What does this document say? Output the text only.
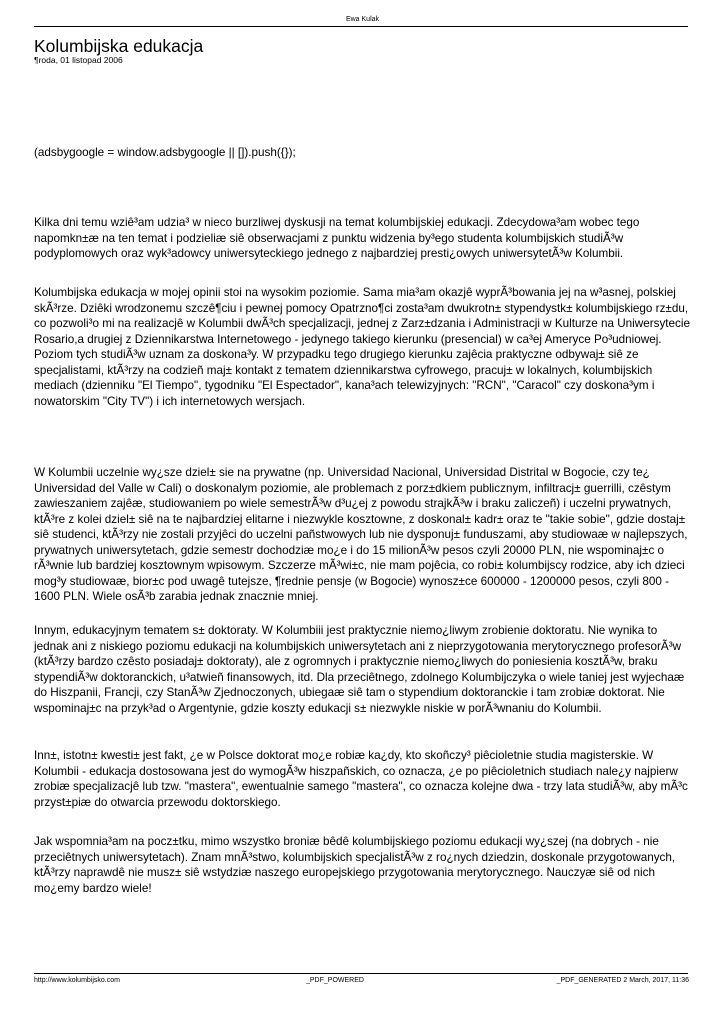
Ewa Kulak
Kolumbijska edukacja
¶roda, 01 listopad 2006

(adsbygoogle = window.adsbygoogle || []).push({});

Kilka dni temu wziê³am udzia³ w nieco burzliwej dyskusji na temat kolumbijskiej edukacji. Zdecydowa³am wobec tego napomkn±æ na ten temat i podzieliæ siê obserwacjami z punktu widzenia by³ego studenta kolumbijskich studiÃ³w podyplomowych oraz wyk³adowcy uniwersyteckiego jednego z najbardziej presti¿owych uniwersytetÃ³w Kolumbii.

Kolumbijska edukacja w mojej opinii stoi na wysokim poziomie. Sama mia³am okazjê wyprÃ³bowania jej na w³asnej, polskiej skÃ³rze. Dziêki wrodzonemu szczê¶ciu i pewnej pomocy Opatrzno¶ci zosta³am dwukrotn± stypendystk± kolumbijskiego rz±du, co pozwoli³o mi na realizacjê w Kolumbii dwÃ³ch specjalizacji, jednej z Zarz±dzania i Administracji w Kulturze na Uniwersytecie Rosario,a drugiej z Dziennikarstwa Internetowego - jedynego takiego kierunku (presencial) w ca³ej Ameryce Po³udniowej. Poziom tych studiÃ³w uznam za doskona³y. W przypadku tego drugiego kierunku zajêcia praktyczne odbywaj± siê ze specjalistami, ktÃ³rzy na codzieñ maj± kontakt z tematem dziennikarstwa cyfrowego, pracuj± w lokalnych, kolumbijskich mediach (dzienniku "El Tiempo", tygodniku "El Espectador", kana³ach telewizyjnych: "RCN", "Caracol" czy doskona³ym i nowatorskim "City TV") i ich internetowych wersjach.

W Kolumbii uczelnie wy¿sze dziel± sie na prywatne (np. Universidad Nacional, Universidad Distrital w Bogocie, czy te¿ Universidad del Valle w Cali) o doskonalym poziomie, ale problemach z porz±dkiem publicznym, infiltracj± guerrilli, czêstym zawieszaniem zajêæ, studiowaniem po wiele semestrÃ³w d³u¿ej z powodu strajkÃ³w i braku zaliczeñ) i uczelni prywatnych, ktÃ³re z kolei dziel± siê na te najbardziej elitarne i niezwykle kosztowne, z doskonal± kadr± oraz te "takie sobie", gdzie dostaj± siê studenci, ktÃ³rzy nie zostali przyjêci do uczelni pañstwowych lub nie dysponuj± funduszami, aby studiowaæ w najlepszych, prywatnych uniwersytetach, gdzie semestr dochodziæ mo¿e i do 15 milionÃ³w pesos czyli 20000 PLN, nie wspominaj±c o rÃ³wnie lub bardziej kosztownym wpisowym. Szczerze mÃ³wi±c, nie mam pojêcia, co robi± kolumbijscy rodzice, aby ich dzieci mog³y studiowaæ, bior±c pod uwagê tutejsze, ¶rednie pensje (w Bogocie) wynosz±ce 600000 - 1200000 pesos, czyli 800 - 1600 PLN. Wiele osÃ³b zarabia jednak znacznie mniej.

Innym, edukacyjnym tematem s± doktoraty. W Kolumbiii jest praktycznie niemo¿liwym zrobienie doktoratu. Nie wynika to jednak ani z niskiego poziomu edukacji na kolumbijskich uniwersytetach ani z nieprzygotowania merytorycznego profesorÃ³w (ktÃ³rzy bardzo czêsto posiadaj± doktoraty), ale z ogromnych i praktycznie niemo¿liwych do poniesienia kosztÃ³w, braku stypendiÃ³w doktoranckich, u³atwieñ finansowych, itd. Dla przeciêtnego, zdolnego Kolumbijczyka o wiele taniej jest wyjechaæ do Hiszpanii, Francji, czy StanÃ³w Zjednoczonych, ubiegaæ siê tam o stypendium doktoranckie i tam zrobiæ doktorat. Nie wspominaj±c na przyk³ad o Argentynie, gdzie koszty edukacji s± niezwykle niskie w porÃ³wnaniu do Kolumbii.

Inn±, istotn± kwesti± jest fakt, ¿e w Polsce doktorat mo¿e robiæ ka¿dy, kto skoñczy³ piêcioletnie studia magisterskie. W Kolumbii - edukacja dostosowana jest do wymogÃ³w hiszpañskich, co oznacza, ¿e po piêcioletnich studiach nale¿y najpierw zrobiæ specjalizacjê lub tzw. "mastera", ewentualnie samego "mastera", co oznacza kolejne dwa - trzy lata studiÃ³w, aby mÃ³c przyst±piæ do otwarcia przewodu doktorskiego.

Jak wspomnia³am na pocz±tku, mimo wszystko broniæ bêdê kolumbijskiego poziomu edukacji wy¿szej (na dobrych - nie przeciêtnych uniwersytetach). Znam mnÃ³stwo, kolumbijskich specjalistÃ³w z ro¿nych dziedzin, doskonale przygotowanych, ktÃ³rzy naprawdê nie musz± siê wstydziæ naszego europejskiego przygotowania merytorycznego. Nauczyæ siê od nich mo¿emy bardzo wiele!

http://www.kolumbijsko.com	_PDF_POWERED	_PDF_GENERATED 2 March, 2017, 11:36
